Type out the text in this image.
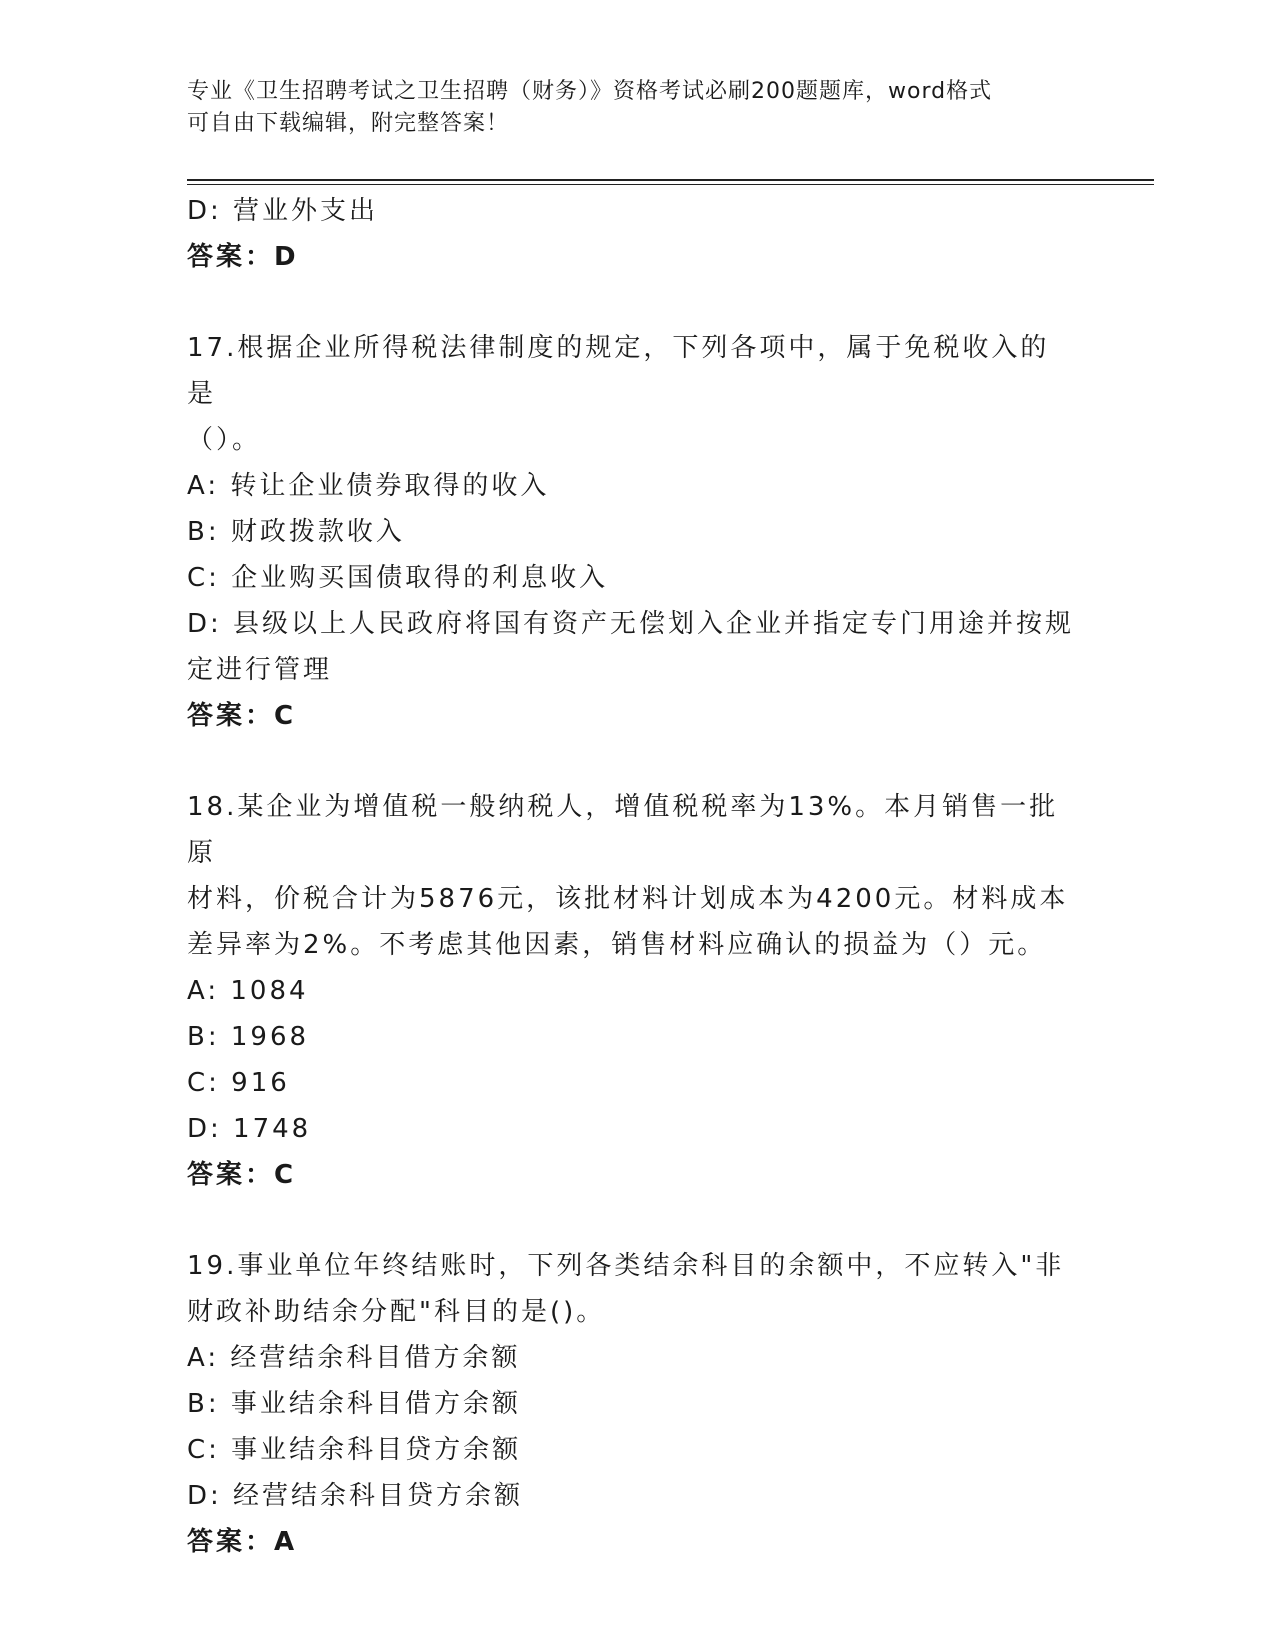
专业《卫生招聘考试之卫生招聘（财务）》资格考试必刷200题题库，word格式
可自由下载编辑，附完整答案！
D: 营业外支出
答案：D
17.根据企业所得税法律制度的规定，下列各项中，属于免税收入的是
（）。
A: 转让企业债券取得的收入
B: 财政拨款收入
C: 企业购买国债取得的利息收入
D: 县级以上人民政府将国有资产无偿划入企业并指定专门用途并按规
定进行管理
答案：C
18.某企业为增值税一般纳税人，增值税税率为13%。本月销售一批原
材料，价税合计为5876元，该批材料计划成本为4200元。材料成本
差异率为2%。不考虑其他因素，销售材料应确认的损益为（）元。
A: 1084
B: 1968
C: 916
D: 1748
答案：C
19.事业单位年终结账时，下列各类结余科目的余额中，不应转入"非
财政补助结余分配"科目的是()。
A: 经营结余科目借方余额
B: 事业结余科目借方余额
C: 事业结余科目贷方余额
D: 经营结余科目贷方余额
答案：A
